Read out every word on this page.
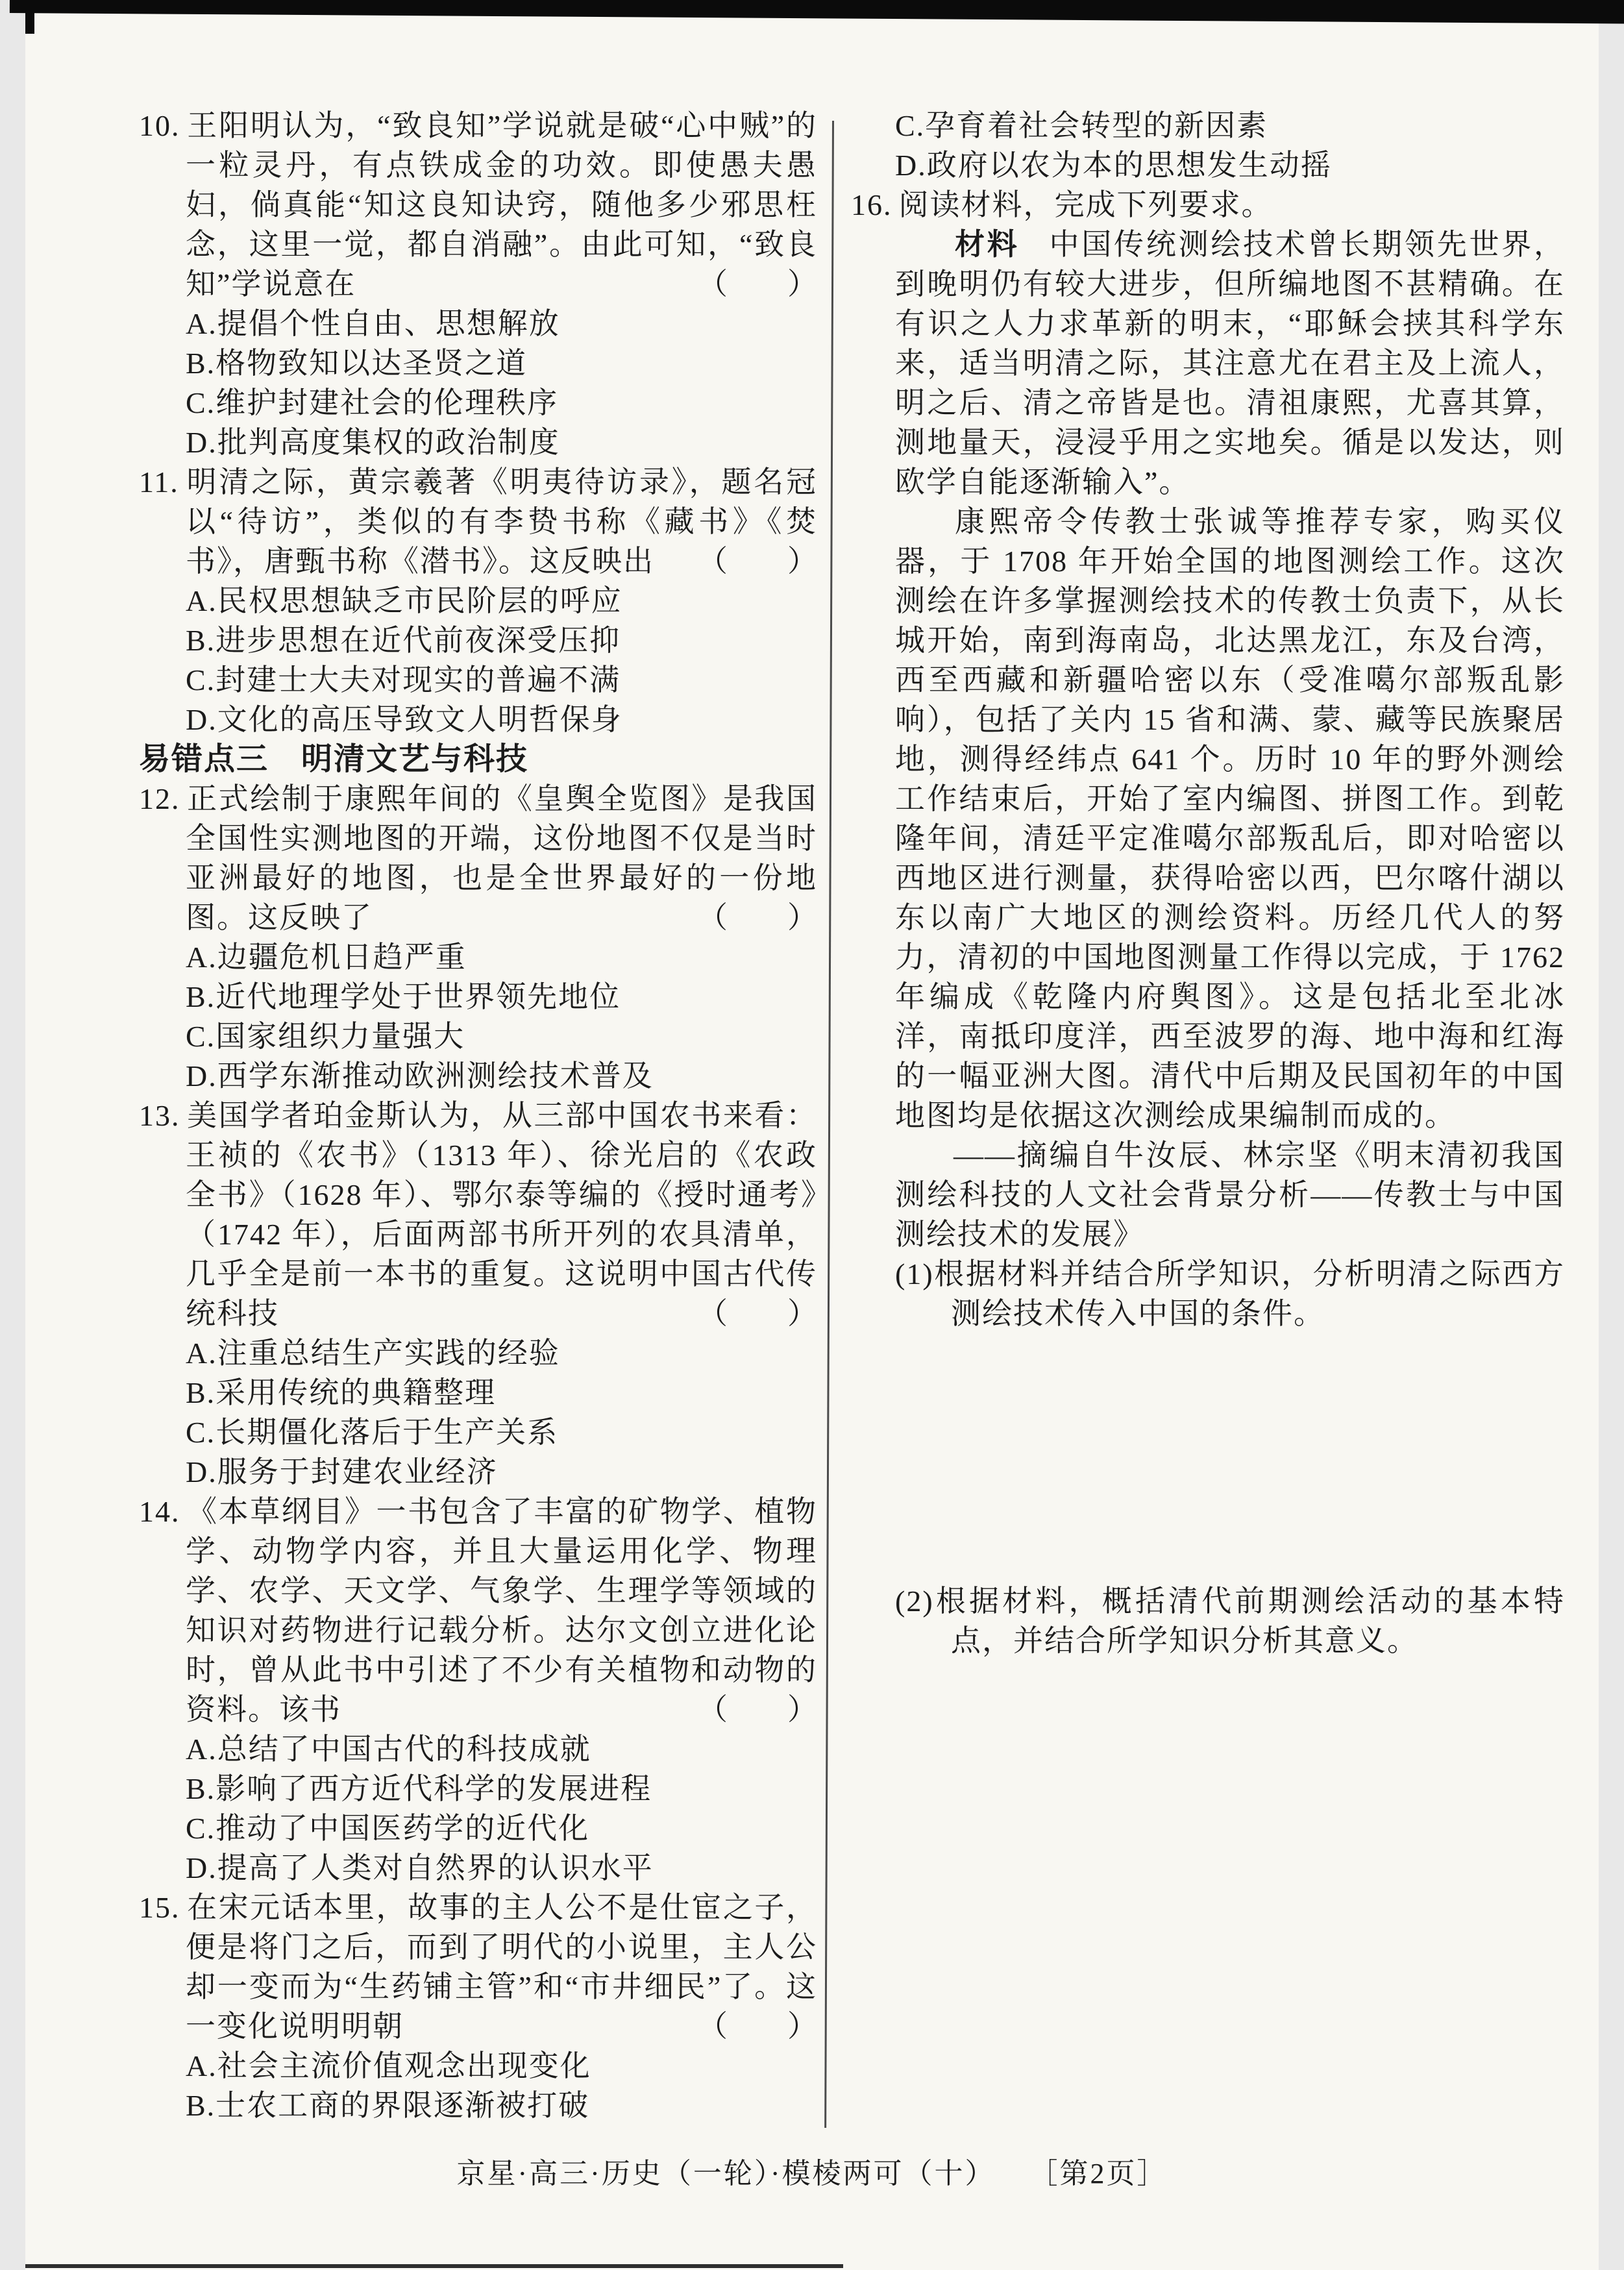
10. 王阳明认为，“致良知”学说就是破“心中贼”的一粒灵丹，有点铁成金的功效。即使愚夫愚妇，倘真能“知这良知诀窍，随他多少邪思枉念，这里一觉，都自消融”。由此可知，“致良知”学说意在	（　　）

A.提倡个性自由、思想解放

B.格物致知以达圣贤之道

C.维护封建社会的伦理秩序

D.批判高度集权的政治制度

11. 明清之际，黄宗羲著《明夷待访录》，题名冠以“待访”，类似的有李贽书称《藏书》《焚书》，唐甄书称《潜书》。这反映出 （　　）

A.民权思想缺乏市民阶层的呼应

B.进步思想在近代前夜深受压抑

C.封建士大夫对现实的普遍不满

D.文化的高压导致文人明哲保身

易错点三　明清文艺与科技

12. 正式绘制于康熙年间的《皇舆全览图》是我国全国性实测地图的开端，这份地图不仅是当时亚洲最好的地图，也是全世界最好的一份地图。这反映了	（　　）

A.边疆危机日趋严重

B.近代地理学处于世界领先地位

C.国家组织力量强大

D.西学东渐推动欧洲测绘技术普及

13. 美国学者珀金斯认为，从三部中国农书来看：王祯的《农书》（1313 年）、徐光启的《农政全书》（1628 年）、鄂尔泰等编的《授时通考》（1742 年），后面两部书所开列的农具清单，几乎全是前一本书的重复。这说明中国古代传统科技	（　　）

A.注重总结生产实践的经验

B.采用传统的典籍整理

C.长期僵化落后于生产关系

D.服务于封建农业经济

14. 《本草纲目》一书包含了丰富的矿物学、植物学、动物学内容，并且大量运用化学、物理学、农学、天文学、气象学、生理学等领域的知识对药物进行记载分析。达尔文创立进化论时，曾从此书中引述了不少有关植物和动物的资料。该书	（　　）

A.总结了中国古代的科技成就

B.影响了西方近代科学的发展进程

C.推动了中国医药学的近代化

D.提高了人类对自然界的认识水平

15. 在宋元话本里，故事的主人公不是仕宦之子，便是将门之后，而到了明代的小说里，主人公却一变而为“生药铺主管”和“市井细民”了。这一变化说明明朝	（　　）

A.社会主流价值观念出现变化

B.士农工商的界限逐渐被打破

C.孕育着社会转型的新因素

D.政府以农为本的思想发生动摇

16. 阅读材料，完成下列要求。

材料 中国传统测绘技术曾长期领先世界，到晚明仍有较大进步，但所编地图不甚精确。在有识之人力求革新的明末，“耶稣会挟其科学东来，适当明清之际，其注意尤在君主及上流人，明之后、清之帝皆是也。清祖康熙，尤喜其算，测地量天，浸浸乎用之实地矣。循是以发达，则欧学自能逐渐输入”。

康熙帝令传教士张诚等推荐专家，购买仪器，于 1708 年开始全国的地图测绘工作。这次测绘在许多掌握测绘技术的传教士负责下，从长城开始，南到海南岛，北达黑龙江，东及台湾，西至西藏和新疆哈密以东（受准噶尔部叛乱影响），包括了关内 15 省和满、蒙、藏等民族聚居地，测得经纬点 641 个。历时 10 年的野外测绘工作结束后，开始了室内编图、拼图工作。到乾隆年间，清廷平定准噶尔部叛乱后，即对哈密以西地区进行测量，获得哈密以西，巴尔喀什湖以东以南广大地区的测绘资料。历经几代人的努力，清初的中国地图测量工作得以完成，于 1762 年编成《乾隆内府舆图》。这是包括北至北冰洋，南抵印度洋，西至波罗的海、地中海和红海的一幅亚洲大图。清代中后期及民国初年的中国地图均是依据这次测绘成果编制而成的。

——摘编自牛汝辰、林宗坚《明末清初我国测绘科技的人文社会背景分析——传教士与中国测绘技术的发展》

(1)根据材料并结合所学知识，分析明清之际西方测绘技术传入中国的条件。

(2)根据材料，概括清代前期测绘活动的基本特点，并结合所学知识分析其意义。

京星·高三·历史（一轮）·模棱两可（十） ［第2页］
